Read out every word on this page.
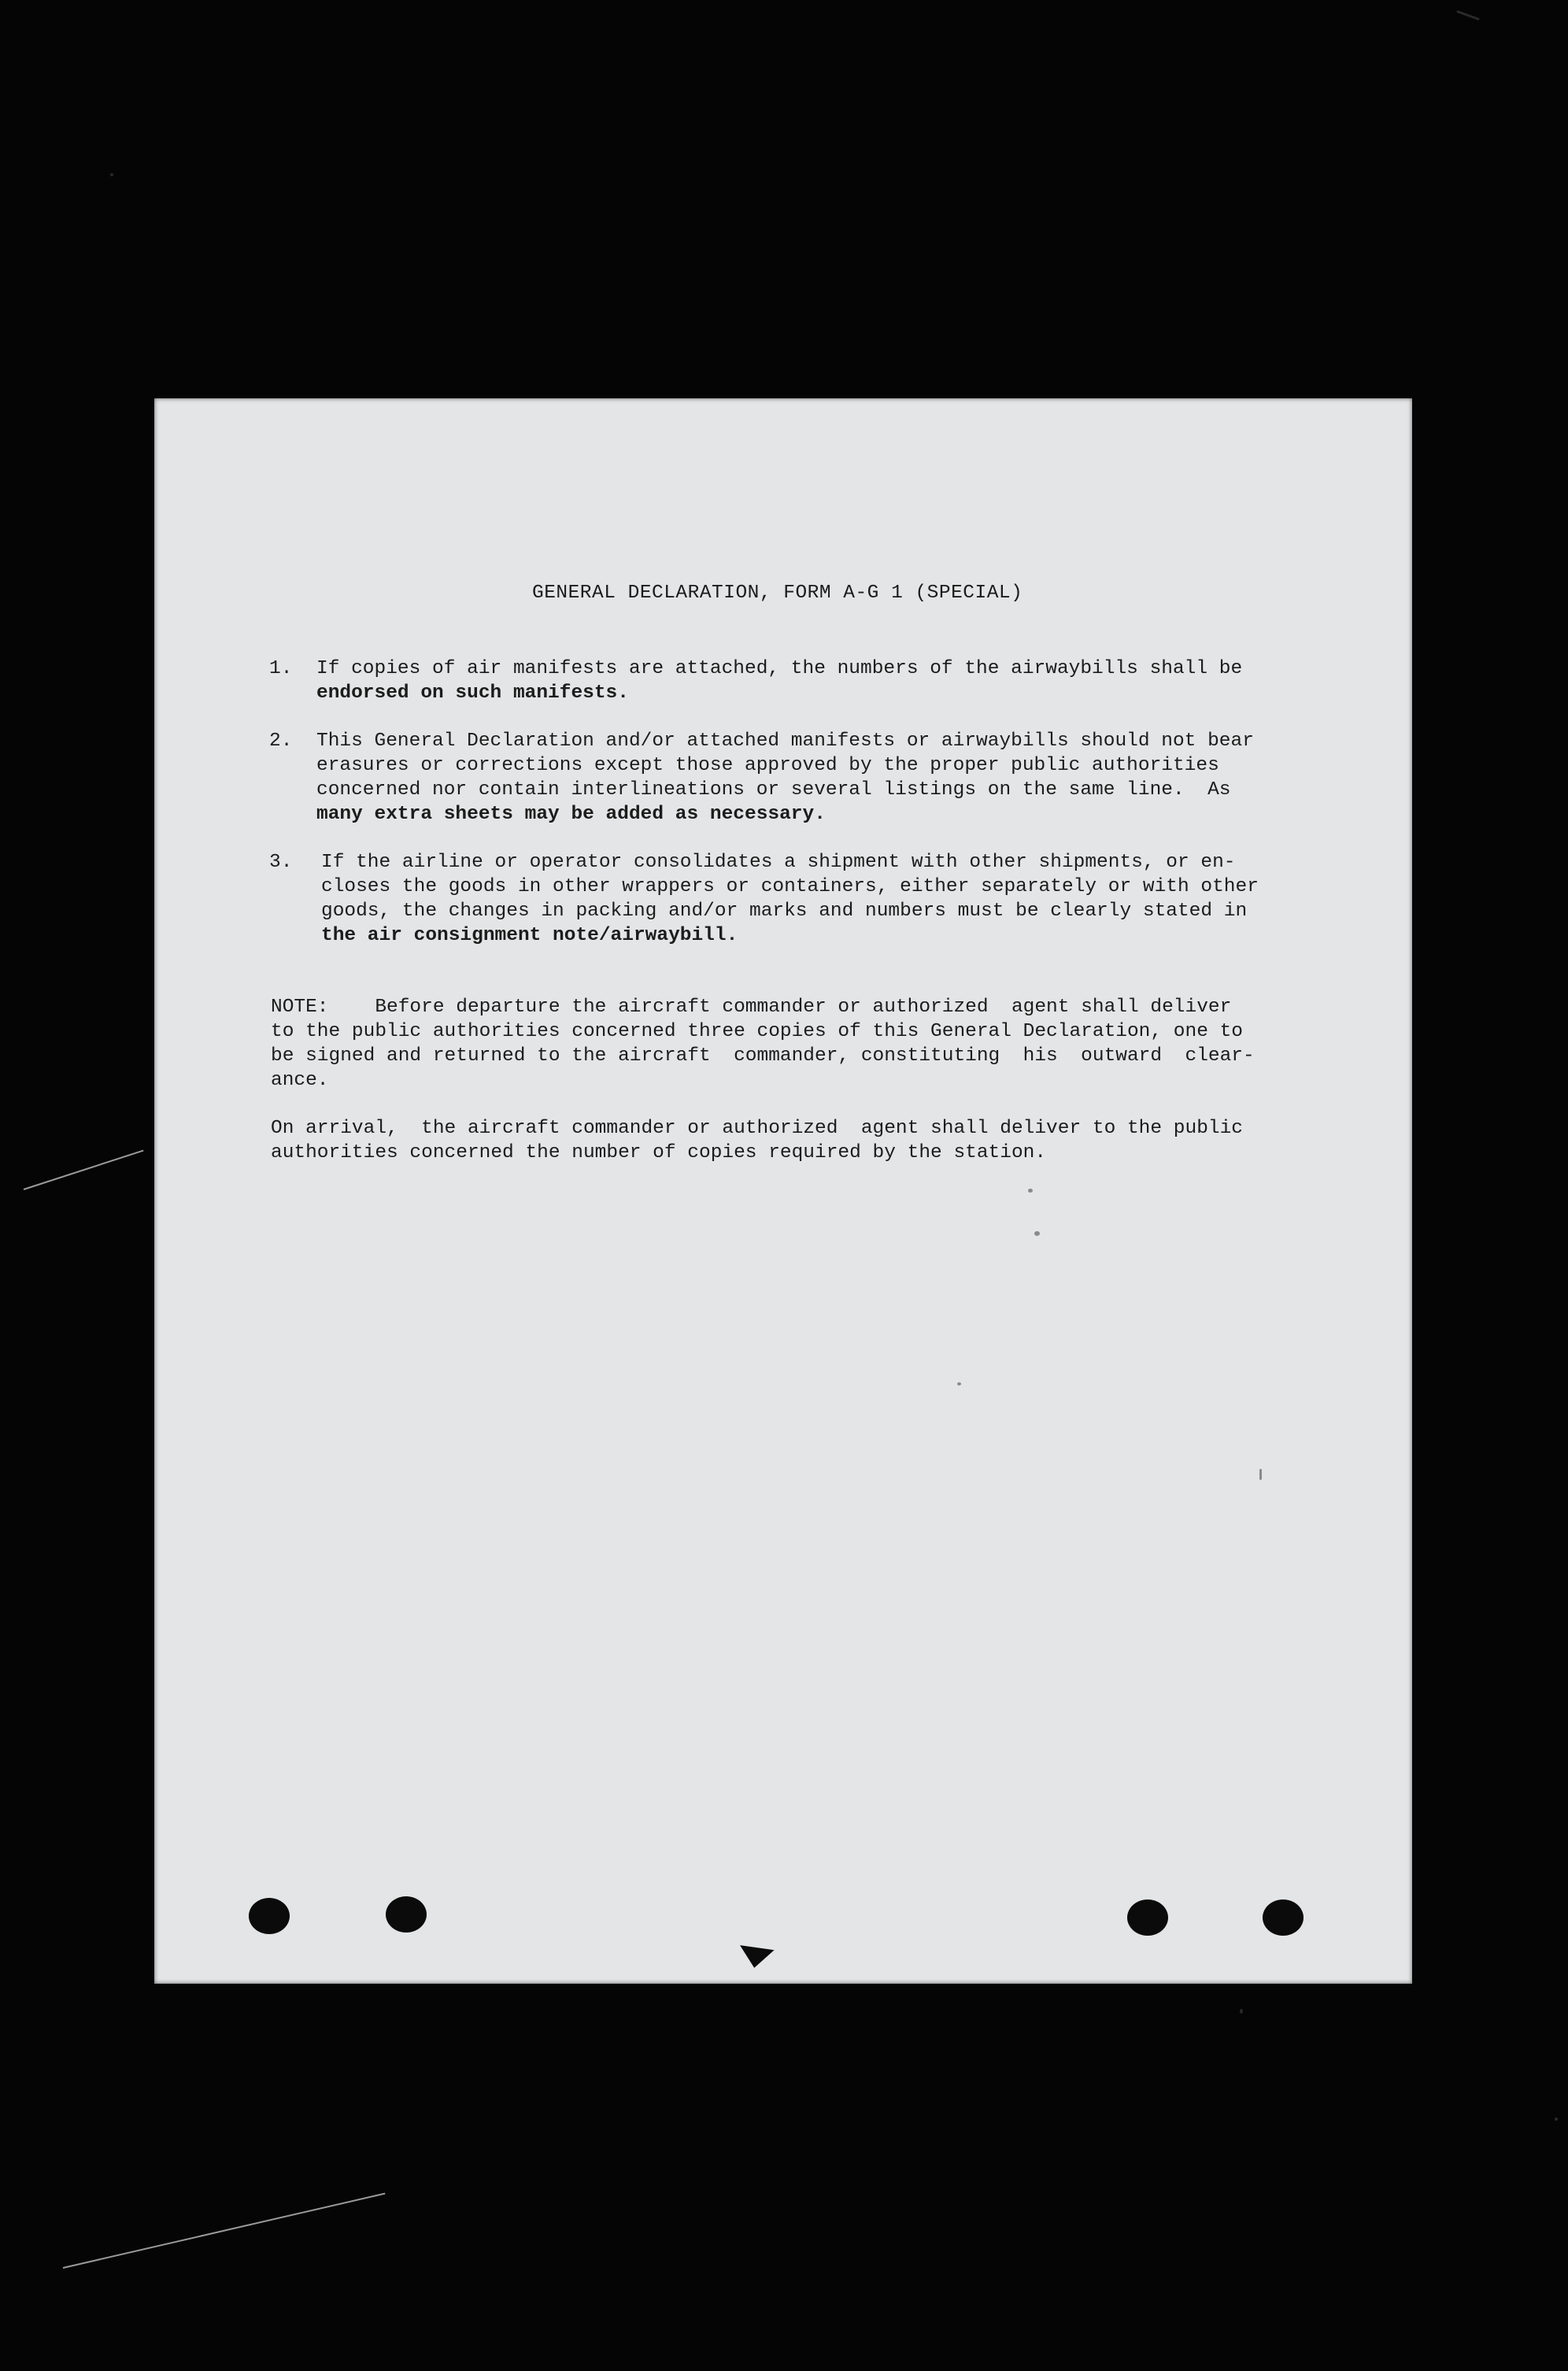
GENERAL DECLARATION, FORM A-G 1 (SPECIAL)
1. If copies of air manifests are attached, the numbers of the airwaybills shall be
endorsed on such manifests.
2. This General Declaration and/or attached manifests or airwaybills should not bear
erasures or corrections except those approved by the proper public authorities
concerned nor contain interlineations or several listings on the same line.  As
many extra sheets may be added as necessary.
3. If the airline or operator consolidates a shipment with other shipments, or en-
closes the goods in other wrappers or containers, either separately or with other
goods, the changes in packing and/or marks and numbers must be clearly stated in
the air consignment note/airwaybill.
NOTE:    Before departure the aircraft commander or authorized  agent shall deliver
to the public authorities concerned three copies of this General Declaration, one to
be signed and returned to the aircraft  commander, constituting  his  outward  clear-
ance.
On arrival,  the aircraft commander or authorized  agent shall deliver to the public
authorities concerned the number of copies required by the station.
